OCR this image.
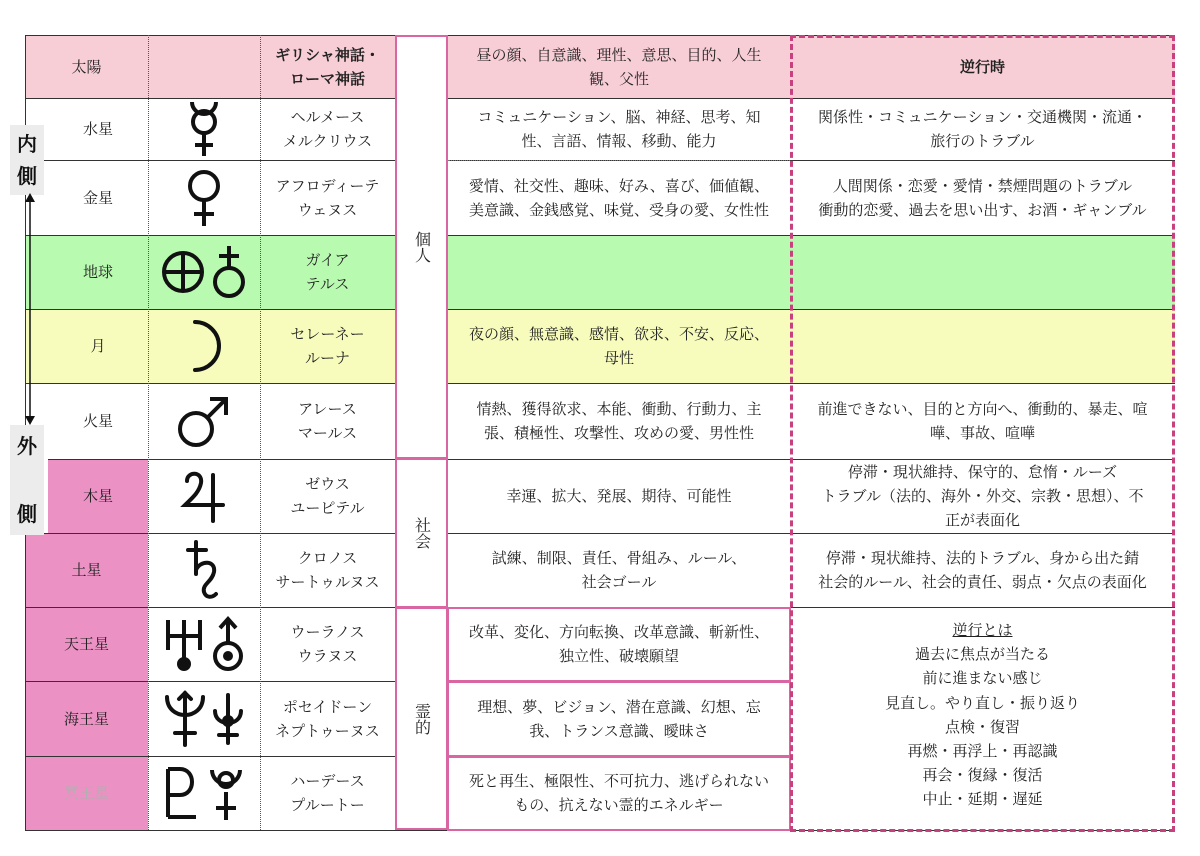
内
側
外

側
太陽
ギリシャ神話・
ローマ神話
昼の顔、自意識、理性、意思、目的、人生
観、父性
逆行時
個人
社会
霊的
水星
ヘルメース
メルクリウス
コミュニケーション、脳、神経、思考、知
性、言語、情報、移動、能力
関係性・コミュニケーション・交通機関・流通・
旅行のトラブル
金星
アフロディーテ
ウェヌス
愛情、社交性、趣味、好み、喜び、価値観、
美意識、金銭感覚、味覚、受身の愛、女性性
人間関係・恋愛・愛情・禁煙問題のトラブル
衝動的恋愛、過去を思い出す、お酒・ギャンブル
地球
ガイア
テルス
月
セレーネー
ルーナ
夜の顔、無意識、感情、欲求、不安、反応、
母性
火星
アレース
マールス
情熱、獲得欲求、本能、衝動、行動力、主
張、積極性、攻撃性、攻めの愛、男性性
前進できない、目的と方向へ、衝動的、暴走、喧
嘩、事故、喧嘩
木星
ゼウス
ユーピテル
幸運、拡大、発展、期待、可能性
停滞・現状維持、保守的、怠惰・ルーズ
トラブル（法的、海外・外交、宗教・思想）、不
正が表面化
土星
クロノス
サートゥルヌス
試練、制限、責任、骨組み、ルール、
社会ゴール
停滞・現状維持、法的トラブル、身から出た錆
社会的ルール、社会的責任、弱点・欠点の表面化
天王星
ウーラノス
ウラヌス
改革、変化、方向転換、改革意識、斬新性、
独立性、破壊願望
海王星
ポセイドーン
ネプトゥーヌス
理想、夢、ビジョン、潜在意識、幻想、忘
我、トランス意識、曖昧さ
冥王星
ハーデース
プルートー
死と再生、極限性、不可抗力、逃げられない
もの、抗えない霊的エネルギー
逆行とは
過去に焦点が当たる
前に進まない感じ
見直し。やり直し・振り返り
点検・復習
再燃・再浮上・再認識
再会・復縁・復活
中止・延期・遅延
